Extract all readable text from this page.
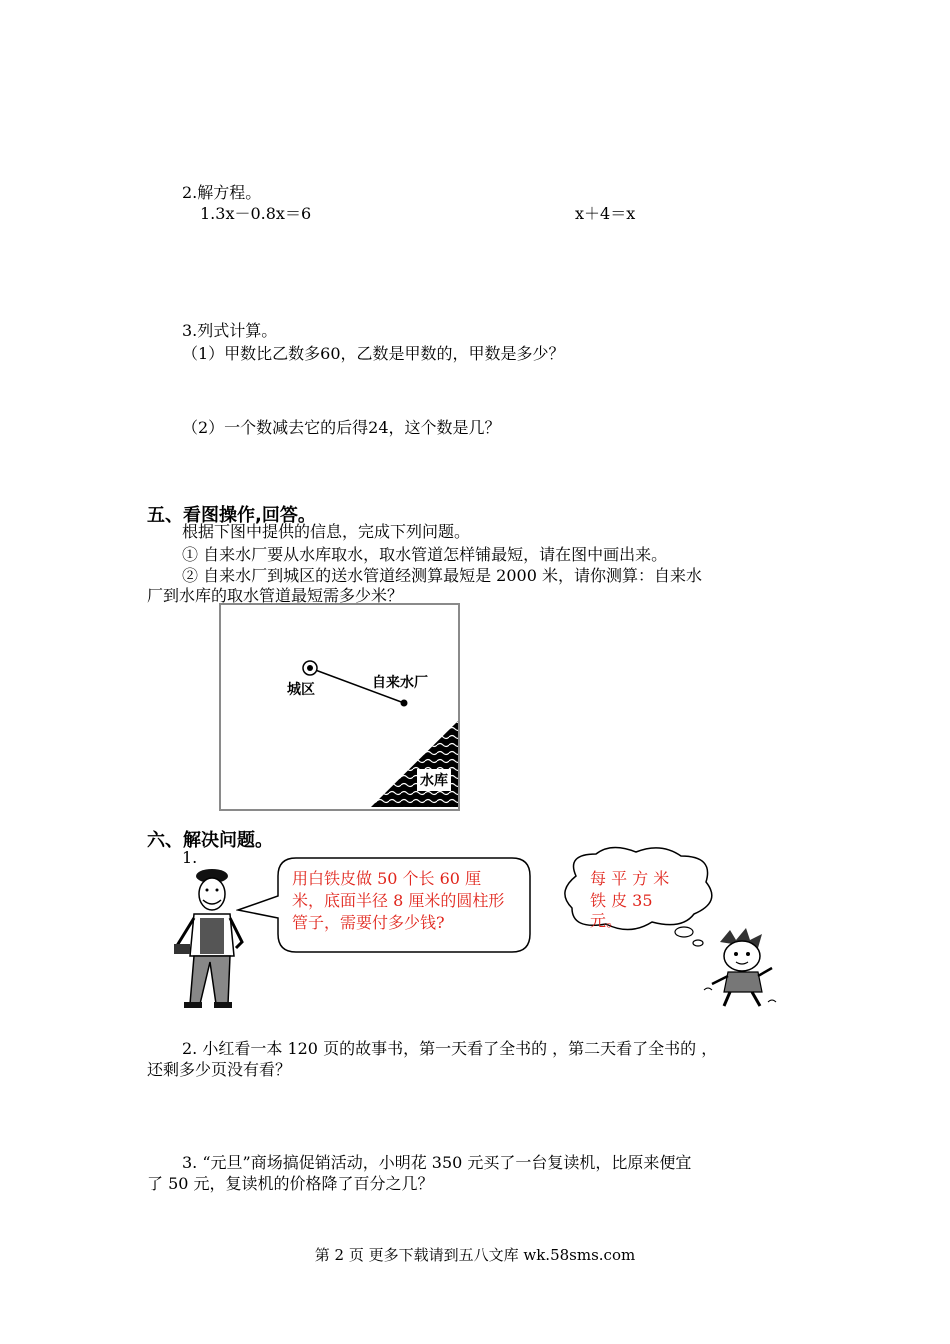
2.解方程。
1.3x－0.8x＝6	x＋4＝x
3.列式计算。
（1）甲数比乙数多60，乙数是甲数的，甲数是多少？
（2）一个数减去它的后得24，这个数是几？
五、看图操作,回答。
根据下图中提供的信息，完成下列问题。
① 自来水厂要从水库取水，取水管道怎样铺最短，请在图中画出来。
② 自来水厂到城区的送水管道经测算最短是 2000 米，请你测算：自来水
厂到水库的取水管道最短需多少米？
城区	自来水厂
水库
六、解决问题。
1.
用白铁皮做 50 个长 60 厘米，底面半径 8 厘米的圆柱形管子，需要付多少钱?
每 平 方 米
铁 皮 35
元。
2. 小红看一本 120 页的故事书，第一天看了全书的 ，第二天看了全书的 ，
还剩多少页没有看？
3. “元旦”商场搞促销活动，小明花 350 元买了一台复读机，比原来便宜
了 50 元，复读机的价格降了百分之几？
第 2 页 更多下载请到五八文库 wk.58sms.com
